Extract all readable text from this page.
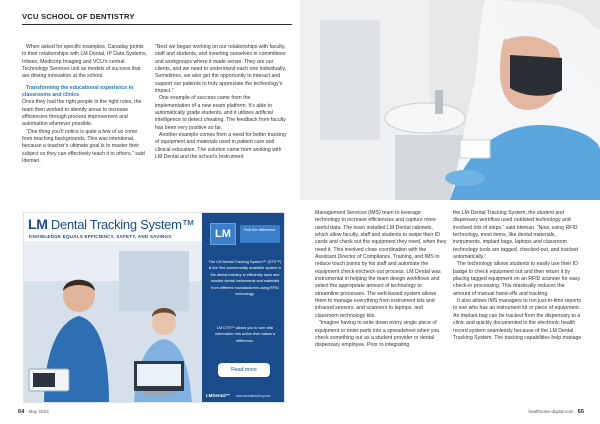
VCU SCHOOL OF DENTISTRY

When asked for specific examples, Canaday points to their relationships with LM Dental, IP Data Systems, Intiveo, Medicorp Imaging and VCU’s central Technology Services unit as models of success that are driving innovation at the school.

Transforming the educational experience in classrooms and clinics

Once they had the right people in the right roles, the team then worked to identify areas to increase efficiencies through process improvement and automation wherever possible.

“One thing you’ll notice is quite a few of us come from teaching backgrounds. This was intentional, because a teacher’s ultimate goal is to master their subject so they can effectively teach it to others,” said Ideman.

“Next we began working on our relationships with faculty, staff and students, and inserting ourselves in committees and workgroups where it made sense. They are our clients, and we need to understand each one individually. Sometimes, we also get the opportunity to interact and support our patients to truly appreciate the technology’s impact.”

One example of success came from the implementation of a new exam platform. It’s able to automatically grade students, and it utilizes artificial intelligence to detect cheating. The feedback from faculty has been very positive so far.

Another example comes from a need for better tracking of equipment and materials used in patient care and clinical education. The solution came from working with LM Dental and the school’s Instrument

LM Dental Tracking System™
KNOWLEDGE EQUALS EFFICIENCY, SAFETY, AND SAVINGS	LM	Feel the difference.
The LM Dental Tracking System™ (DTS™) is the first commercially available system in the dental industry to efficiently track and monitor dental instruments and materials from different manufacturers using RFID technology.
LM DTS™ allows you to turn vital information into action that makes a difference.
Read more
LMDental™ www.dentaltracking.com

Management Services (IMS) team to leverage technology to increase efficiencies and capture more useful data. The team installed LM Dental cabinets, which allow faculty, staff and students to swipe their ID cards and check out the equipment they need, when they need it. This involved close coordination with the Assistant Director of Compliance, Training, and IMS to reduce touch points by his staff and automate the equipment check-in/check-out process. LM Dental was instrumental in helping the team design workflows and select the appropriate amount of technology to streamline processes. The web-based system allows them to manage everything from instrument kits and intraoral sensors, and scanners to laptops, and classroom technology kits.

“Imagine having to write down every single piece of equipment or enter parts into a spreadsheet when you check something out as a student provider or dental dispensary employee. Prior to integrating

the LM-Dental Tracking System, the student and dispensary workflow used outdated technology and involved lots of steps,” said Ideman. “Now, using RFID technology, most items, like dental materials, instruments, implant bags, laptops and classroom technology tools are tagged, checked-out, and tracked automatically.”

The technology allows students to easily use their ID badge to check equipment out and then return it by placing tagged equipment on an RFID scanner for easy check-in processing. This drastically reduces the amount of manual hand-offs and tracking.

It also allows IMS managers to run just-in-time reports to see who has an instrument kit or piece of equipment. An implant bag can be tracked from the dispensary to a clinic and quickly documented in the electronic health record system seamlessly because of the LM Dental Tracking System. The tracking capabilities help manage

64 May 2023	healthcare-digital.com 65
